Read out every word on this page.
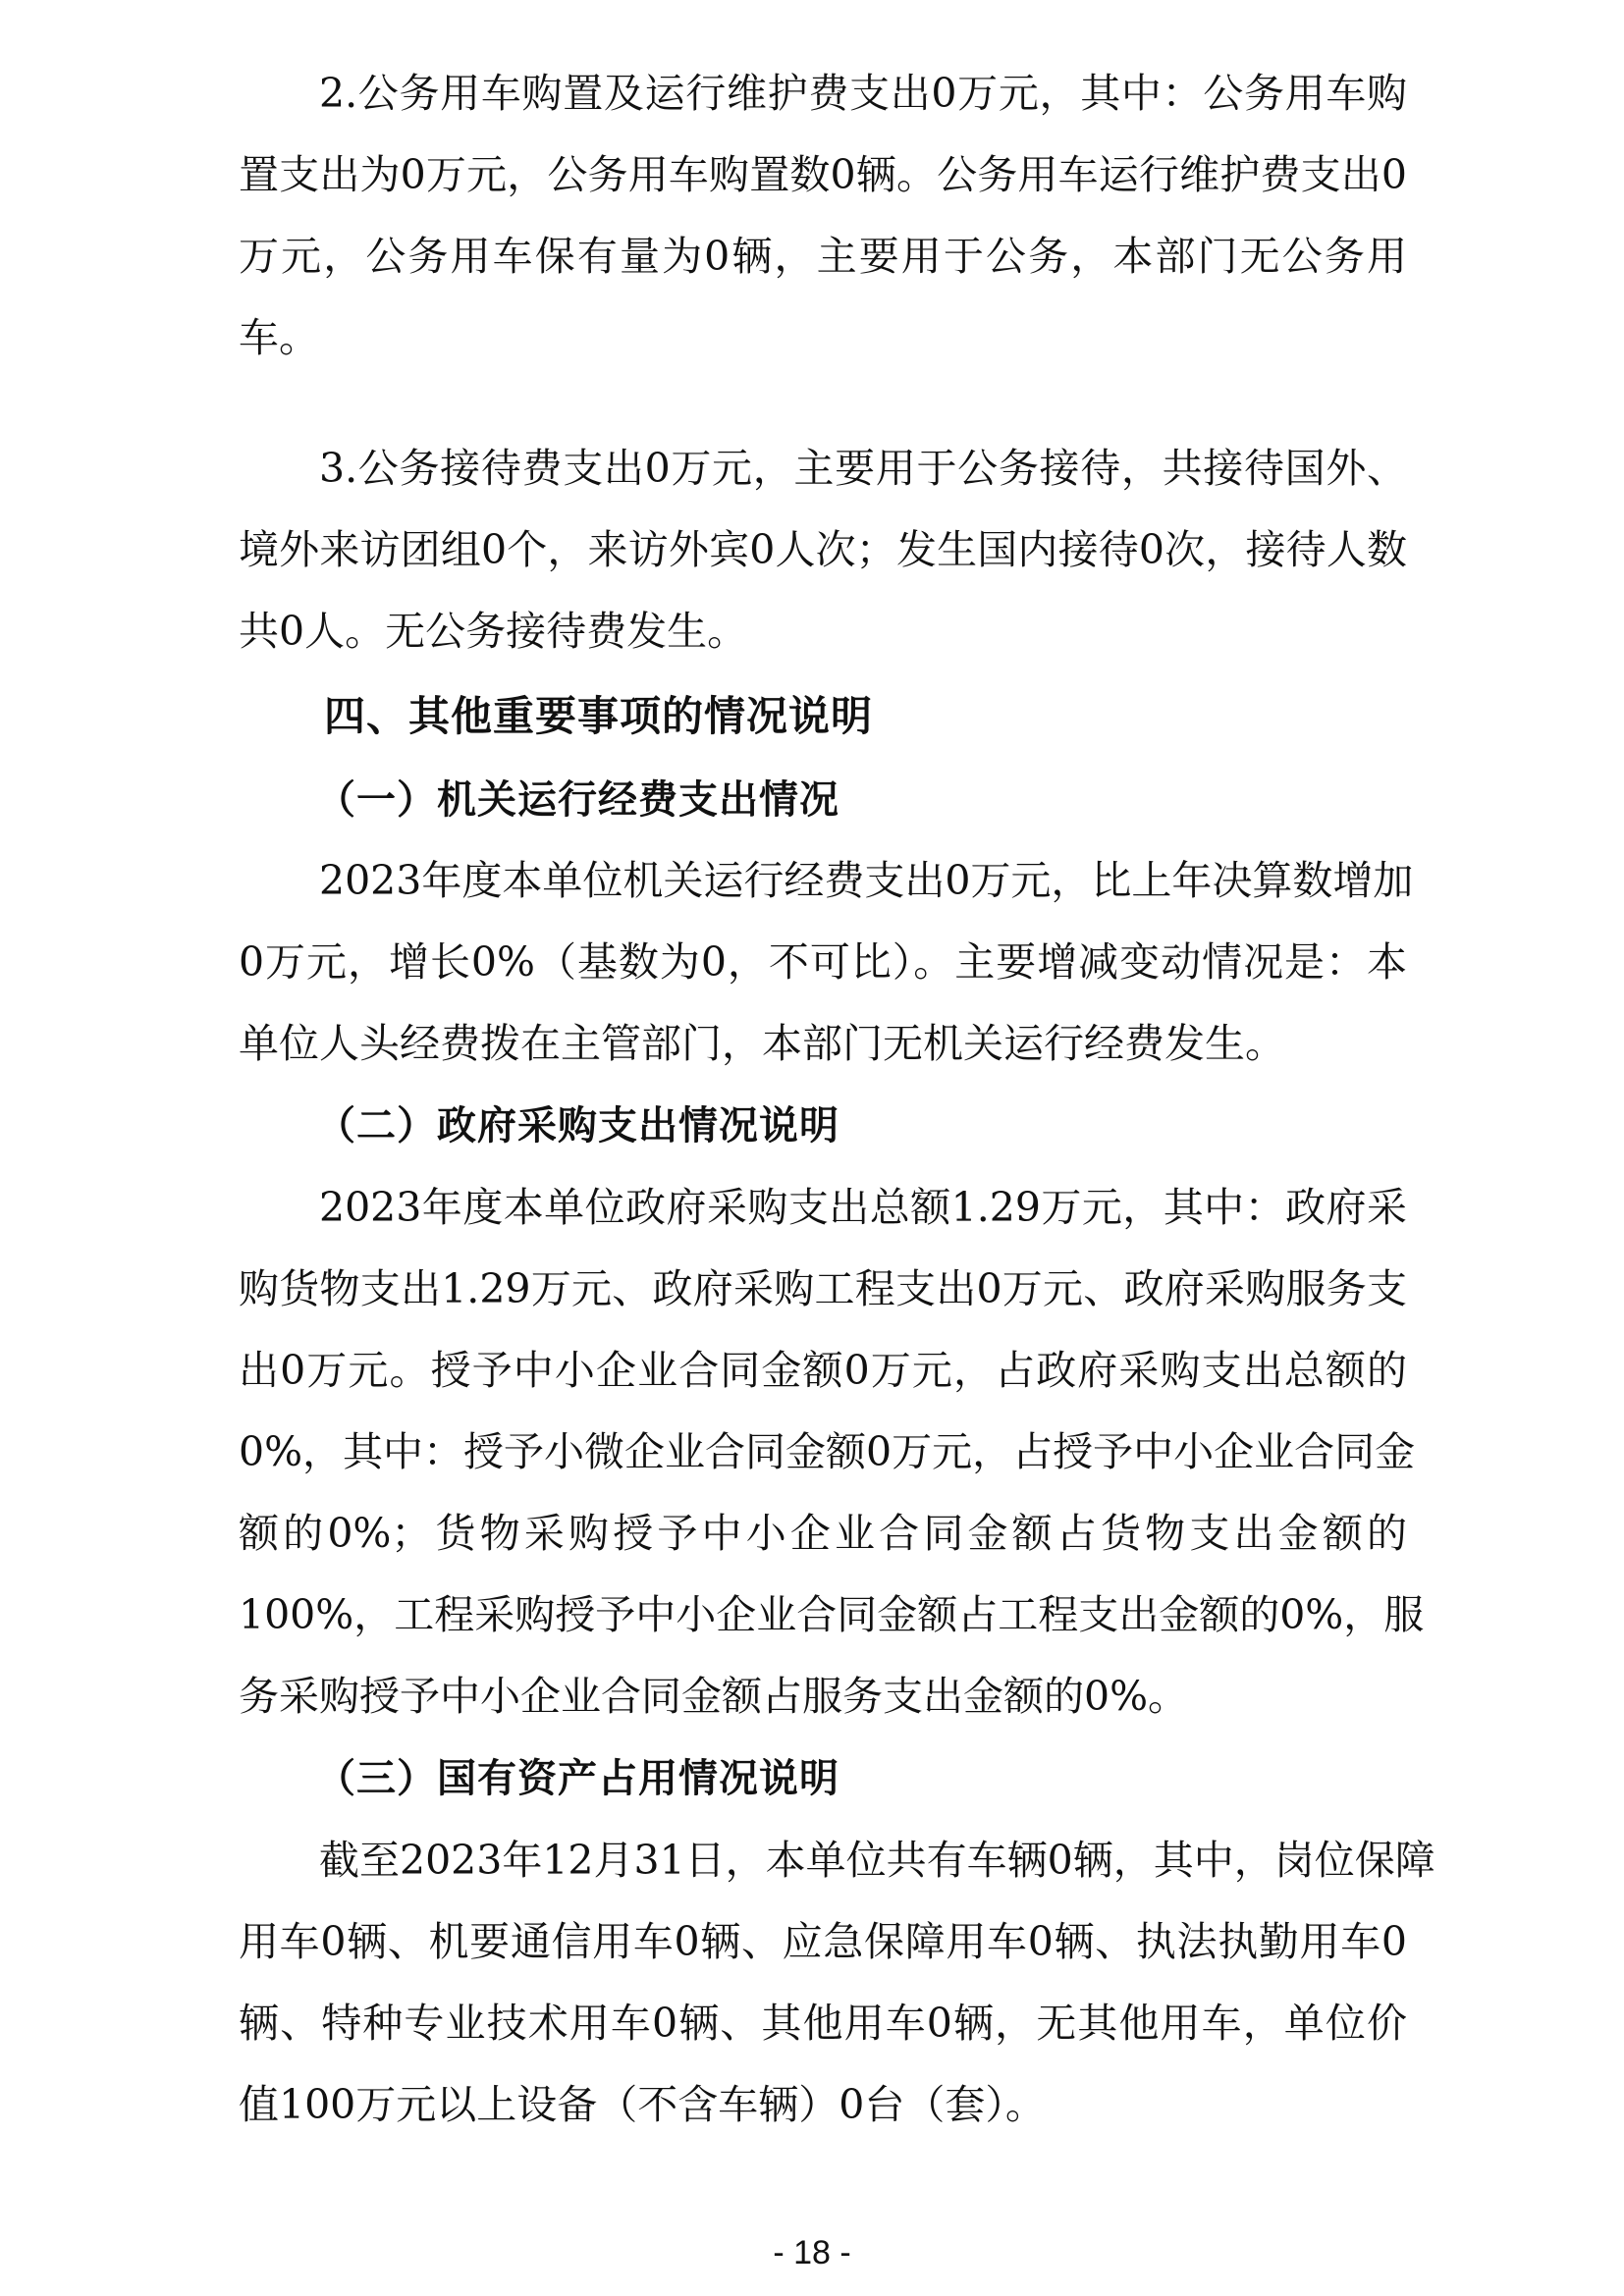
2.公务用车购置及运行维护费支出0万元，其中：公务用车购
置支出为0万元，公务用车购置数0辆。公务用车运行维护费支出0
万元，公务用车保有量为0辆，主要用于公务，本部门无公务用
车。
3.公务接待费支出0万元，主要用于公务接待，共接待国外、
境外来访团组0个，来访外宾0人次；发生国内接待0次，接待人数
共0人。无公务接待费发生。
四、其他重要事项的情况说明
（一）机关运行经费支出情况
2023年度本单位机关运行经费支出0万元，比上年决算数增加
0万元，增长0%（基数为0，不可比）。主要增减变动情况是：本
单位人头经费拨在主管部门，本部门无机关运行经费发生。
（二）政府采购支出情况说明
2023年度本单位政府采购支出总额1.29万元，其中：政府采
购货物支出1.29万元、政府采购工程支出0万元、政府采购服务支
出0万元。授予中小企业合同金额0万元，占政府采购支出总额的
0%，其中：授予小微企业合同金额0万元，占授予中小企业合同金
额的0%；货物采购授予中小企业合同金额占货物支出金额的
100%，工程采购授予中小企业合同金额占工程支出金额的0%，服
务采购授予中小企业合同金额占服务支出金额的0%。
（三）国有资产占用情况说明
截至2023年12月31日，本单位共有车辆0辆，其中，岗位保障
用车0辆、机要通信用车0辆、应急保障用车0辆、执法执勤用车0
辆、特种专业技术用车0辆、其他用车0辆，无其他用车，单位价
值100万元以上设备（不含车辆）0台（套）。
- 18 -
